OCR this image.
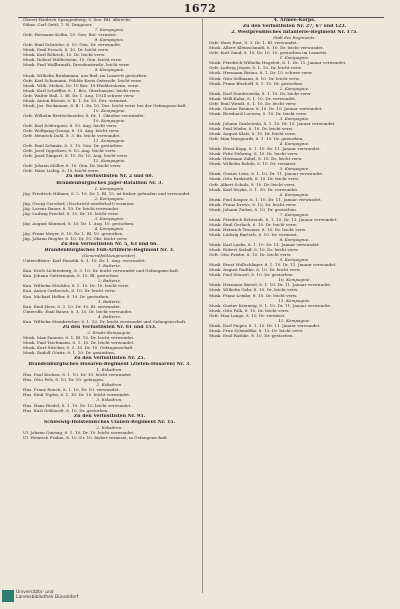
1672
Oberst Haidrich Spangenberg, 9. Sen. Btl. ulbrecht.
Fähnr. Carl Oettl, 7. N. Dragoner.
7. Kompagnie.
Gefr. Hermann Kollin, 10. Gen. Bat. vermisst.
8. Kompagnie.
Gefr. Emil Schröder, 6. 10. Gen. Dr. verwundet.
Musk. Emil Prosch, 8. 10. Dr. leicht verw.
Musk. Karl Röhrich, 10. Dr. leicht verw.
Musk. Robert Müllerheim, 10. Gen. leicht verw.
Musk. Paul Wallbrandt, Dresdenstraße, leicht verw.
9. Kompagnie.
Musk. Wilhelm Brinkmann, aus Bad, im Lazarett gestorben.
Gefr. Karl Schumann, Pöhlde Kreis Osterode, leicht verw.
Musk. Wilh. Mehne, Dr. 10 Bez. 10 Pfeddersheim, verw.
Musk. Karl Scheffler, 8. 1. Bez. Oberhausen, leicht verw.
Gefr. Walter Rall, 2. Bl. Dr. 1. Aug. 1914 schwer verw.
Musk. Anton Bösner, 8. B. 1. Dr. 10. Dez. vermisst.
Musk. Jos. Beckmann, 8. B. 1. Dr. 10. Dez. leicht verw. bei der Gefangenschaft.
10. Kompagnie.
Gefr. Wilhelm Breitschneider, 8. Dr. 1. Oktober verwundet.
10. Kompagnie.
Gefr. Karl Söderquist, 8. 10. Aug. leicht verw.
Gefr. Wolfgang Georgi, 8. 10. Aug. leicht verw.
Gefr. Heinrich Dahl, 8. 3. Bz. leicht verwundet.
11. Kompagnie.
Gefr. Emil Schmitz, 8. 3. 10. Gen. Dr. gestorben.
Gefr. Josef Oppeltzer, 8. 10. Aug. leicht verw.
Gefr. Josef Zimpert, 8. 10. Dr. 10. Aug. leicht verw.
12. Kompagnie.
Gefr. Johann Möller, 8. 10. Gen. Dr. leicht verw.
Gefr. Hans Liebig, 8. 10. leicht verw.
Zu den Verlustlisten Nr. 2 und 68.
Brandenburgisches Jäger-Bataillon Nr. 3.
1. Kompagnie.
Jäg. Friedrich Hühner, 8. 2. 10. Dr. 1. Bl. 15. ist bisher gefunden und verwundet.
2. Kompagnie.
Jäg. Georg Gersdorf, (Nachricht wiederholt) vermisst.
Jäg. Lorenz Bauer, 8. 10. Dr. leicht verwundet.
Jäg. Ludwig Prechtl, 8. 10. Dr. 10. leicht verw.
3. Kompagnie.
Jäg. August Kümmel, 8. 10. Dr. 1. Aug. 10. gestorben.
4. Kompagnie.
Jäg. Franz Meyer, 8. 10. Dr. 1. Bl. 10. gestorben.
Jäg. Johann Riegler, 8. 10. Dr. 10. Okt. leicht verw.
Zu den Verlustlisten Nr. 5, 63 und 66.
Brandenburgisches Fuß-Artillerie-Regiment Nr. 3.
(Generalfeldzeugmeister).
Unteroffizier: Karl Hanzlik, 8. 1. 10. Dr. 1. Aug. verwundet.
1. Batterie.
Kan. Erich Lichtenberg, 8. 3. 10. Dr. leicht verwundet und Gefangenschaft.
Kan. Johann Gattermann, 8. 10. Bl. gestorben.
2. Batterie.
Kan. Wilhelm Stöckler, 8. 1. 10. Dr. 10. leicht verw.
Kan. Anton Orebovich, 8. 10. Dr. leicht verw.
Kan. Michael Heller, 8. 10. Dr. gestorben.
3. Batterie.
Kan. Emil Herz, 8. 3. 10. Dr. 10. Bl. verwundet.
Unteroffz. Emil Bauer, 8. 3. 10. Dr. leicht verwundet.
4. Batterie.
Kan. Wilhelm Steinbrecher, 8. 1. 10. Dr. leicht verwundet und Gefangenschaft.
Zu den Verlustlisten Nr. 61 und 153.
2. Ersatz-Kompagnie.
Musk. Max Pannier, 8. 1. Bl. 10. Dr. leicht verwundet.
Musk. Paul Teichmann, 8. 1. 10. Dr. leicht verwundet.
Musk. Kurt Stricker, 8. 1. 10. Dr. 10. Gefangenschaft.
Musk. Rudolf Göritz, 8. 1. 10. Dr. gestorben.
Zu den Verlustlisten Nr. 25.
Brandenburgisches Husaren-Regiment (Zieten-Husaren) Nr. 3.
1. Eskadron.
Hus. Paul Kücken, 8. 1. 10. Dr. 10. leicht verwundet.
Hus. Otto Pelz, 8. 10. Dr. 10. gefangen.
2. Eskadron.
Hus. Franz Rauch, 8. 1. 10. Dr. 10. verwundet.
Hus. Emil Töpfer, 8. 1. 10. Dr. 10. leicht verwundet.
3. Eskadron.
Hus. Hans Riedel, 8. 1. 10. Dr. 10. leicht verwundet.
Hus. Karl Gebhardt, 8. 10. Dr. gestorben.
Zu den Verlustlisten Nr. 95.
Schleswig-Holsteinisches Ulanen-Regiment Nr. 15.
2. Eskadron.
Ul. Johann Quiring, 8. 1. 10. Dr. 10. leicht verwundet.
Ul. Heinrich Frahm, 8. 10. Dr. 10. bisher vermisst, in Gefangenschaft.
4. Armee-Korps.
Zu den Verlustlisten Nr. 27, 67 und 123.
2. Westpreußisches Infanterie-Regiment Nr. 175.
Stab des Regiments.
Gefr. Hans Rust, 8. 3. Dr. 1. Bl. verwundet.
Musk. Albert Kleinschmidt, 8. 10. Dr. leicht verwundet.
Gefr. Kurt Sand, 8. 10. Dr. 10. 10. gestorben im Lazarett.
1. Kompagnie.
Musk. Friedrich Wilhelm Hageleit, 8. 1. Dr. 11. Januar verwundet.
Gefr. Ludwig Jesper, 8. 1. 10. Dr. leicht verw.
Musk. Hermann Ristau, 8. 1. Dr. 10. schwer verw.
Musk. Otto Sellmann, 8. 10. Dr. leicht verw.
Musk. Franz Bischoff, 8. 1. 10. Dr. gestorben.
2. Kompagnie.
Musk. Karl Dombrowski, 8. 1. 10. Dr. leicht verw.
Musk. Willi Kuhn, 8. 1. 10. Dr. verwundet.
Gefr. Emil Wendt, 8. 1. 10. Dr. leicht verw.
Musk. Gustav Reimer, 8. 10. Dr. 10. Januar verwundet.
Musk. Bernhard Loewen, 8. 10. Dr. leicht verw.
3. Kompagnie.
Musk. Johann Grabowski, 8. 1. 10. Dr. 10. Januar verwundet.
Musk. Paul Wiebe, 8. 10. Dr. leicht verw.
Musk. August Klatt, 8. 10. Dr. leicht verw.
Gefr. Max Marquardt, 8. 1. 10. Dr. gestorben.
4. Kompagnie.
Musk. Ernst Kopp, 8. 1. 10. Dr. 11. Januar verwundet.
Musk. Fritz Nehring, 8. 10. Dr. leicht verw.
Musk. Hermann Zabel, 8. 10. Dr. leicht verw.
Musk. Wilhelm Rohde, 8. 10. Dr. vermisst.
5. Kompagnie.
Musk. Gustav Lenz, 8. 1. 10. Dr. 11. Januar verwundet.
Musk. Otto Pankrath, 8. 10. Dr. leicht verw.
Gefr. Albert Schulz, 8. 10. Dr. leicht verw.
Musk. Karl Woyke, 8. 1. 10. Dr. verwundet.
6. Kompagnie.
Musk. Paul Kasper, 8. 1. 10. Dr. 11. Januar verwundet.
Musk. Franz Drews, 8. 10. Dr. leicht verw.
Musk. Johann Ziehm, 8. 10. Dr. gestorben.
7. Kompagnie.
Musk. Friedrich Behrendt, 8. 1. 10. Dr. 11. Januar verwundet.
Musk. Emil Gerlach, 8. 10. Dr. leicht verw.
Musk. Heinrich Tessmer, 8. 10. Dr. leicht verw.
Musk. Ludwig Bartsch, 8. 10. Dr. vermisst.
8. Kompagnie.
Musk. Karl Laabs, 8. 1. 10. Dr. 11. Januar verwundet.
Musk. Robert Sielaff, 8. 10. Dr. leicht verw.
Gefr. Otto Priebe, 8. 10. Dr. leicht verw.
9. Kompagnie.
Musk. Ernst Wollschläger, 8. 1. 10. Dr. 11. Januar verwundet.
Musk. August Radtke, 8. 10. Dr. leicht verw.
Musk. Paul Stenzel, 8. 10. Dr. gestorben.
10. Kompagnie.
Musk. Hermann Bartel, 8. 1. 10. Dr. 11. Januar verwundet.
Musk. Wilhelm Gohr, 8. 10. Dr. leicht verw.
Musk. Franz Lemke, 8. 10. Dr. leicht verw.
11. Kompagnie.
Musk. Gustav Kriening, 8. 1. 10. Dr. 11. Januar verwundet.
Musk. Otto Falk, 8. 10. Dr. leicht verw.
Gefr. Max Lange, 8. 10. Dr. vermisst.
12. Kompagnie.
Musk. Karl Pieper, 8. 1. 10. Dr. 11. Januar verwundet.
Musk. Fritz Schmidtke, 8. 10. Dr. leicht verw.
Musk. Emil Rathke, 8. 10. Dr. gestorben.
Universitäts- und
Landesbibliothek Düsseldorf
